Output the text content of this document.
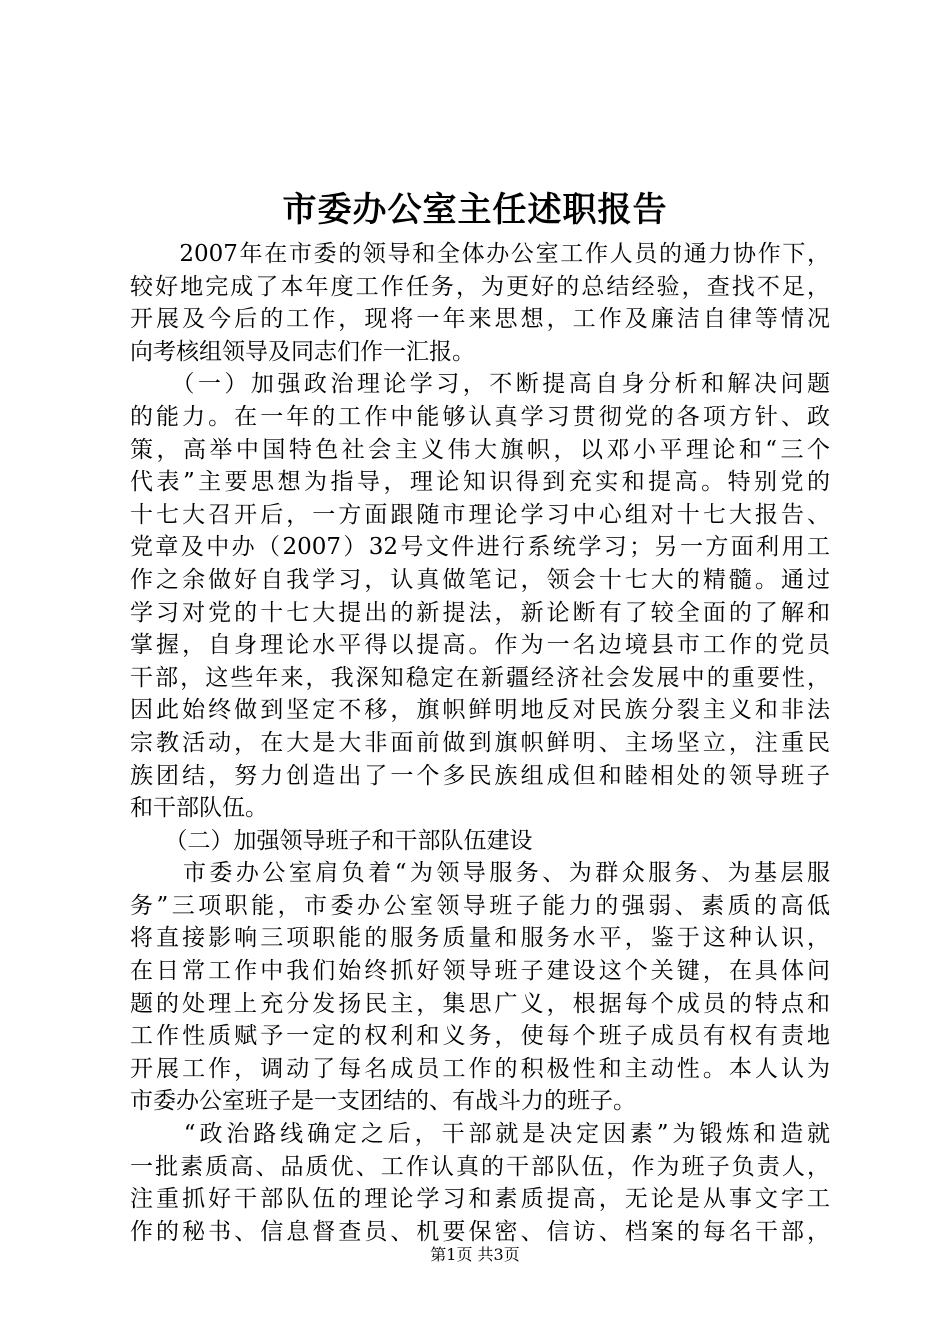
市委办公室主任述职报告
　　2007年在市委的领导和全体办公室工作人员的通力协作下，
较好地完成了本年度工作任务，为更好的总结经验，查找不足，
开展及今后的工作，现将一年来思想，工作及廉洁自律等情况
向考核组领导及同志们作一汇报。
　　（一）加强政治理论学习，不断提高自身分析和解决问题
的能力。在一年的工作中能够认真学习贯彻党的各项方针、政
策，高举中国特色社会主义伟大旗帜，以邓小平理论和“三个
代表”主要思想为指导，理论知识得到充实和提高。特别党的
十七大召开后，一方面跟随市理论学习中心组对十七大报告、
党章及中办（2007）32号文件进行系统学习；另一方面利用工
作之余做好自我学习，认真做笔记，领会十七大的精髓。通过
学习对党的十七大提出的新提法，新论断有了较全面的了解和
掌握，自身理论水平得以提高。作为一名边境县市工作的党员
干部，这些年来，我深知稳定在新疆经济社会发展中的重要性，
因此始终做到坚定不移，旗帜鲜明地反对民族分裂主义和非法
宗教活动，在大是大非面前做到旗帜鲜明、主场坚立，注重民
族团结，努力创造出了一个多民族组成但和睦相处的领导班子
和干部队伍。
　　（二）加强领导班子和干部队伍建设
　　市委办公室肩负着“为领导服务、为群众服务、为基层服
务”三项职能，市委办公室领导班子能力的强弱、素质的高低
将直接影响三项职能的服务质量和服务水平，鉴于这种认识，
在日常工作中我们始终抓好领导班子建设这个关键，在具体问
题的处理上充分发扬民主，集思广义，根据每个成员的特点和
工作性质赋予一定的权利和义务，使每个班子成员有权有责地
开展工作，调动了每名成员工作的积极性和主动性。本人认为
市委办公室班子是一支团结的、有战斗力的班子。
　　“政治路线确定之后，干部就是决定因素”为锻炼和造就
一批素质高、品质优、工作认真的干部队伍，作为班子负责人，
注重抓好干部队伍的理论学习和素质提高，无论是从事文字工
作的秘书、信息督查员、机要保密、信访、档案的每名干部，
第1页 共3页
